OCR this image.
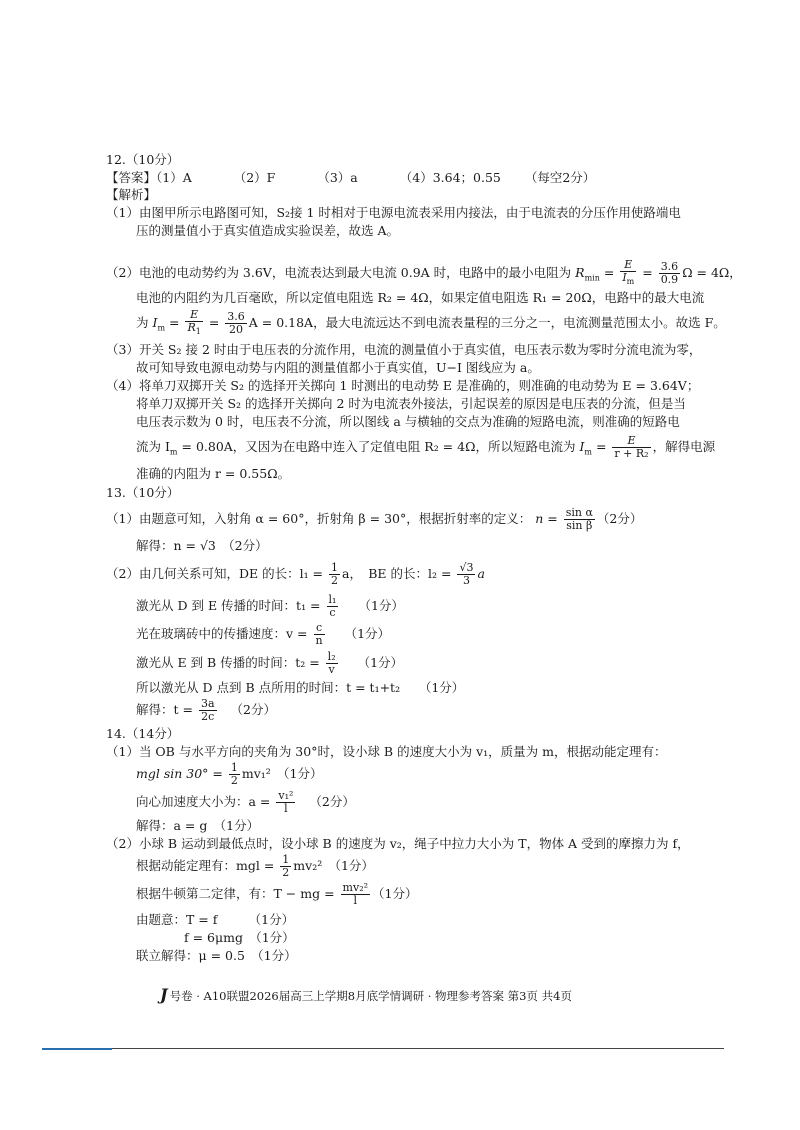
12.（10分）
【答案】（1）A	（2）F	（3）a	（4）3.64；0.55 （每空2分）
【解析】
（1）由图甲所示电路图可知，S₂接 1 时相对于电源电流表采用内接法，由于电流表的分压作用使路端电
压的测量值小于真实值造成实验误差，故选 A。
（2）电池的电动势约为 3.6V，电流表达到最大电流 0.9A 时，电路中的最小电阻为 $R_{min} = \frac{E}{I_m} = \frac{3.6}{0.9}$ Ω = 4Ω，
电池的内阻约为几百毫欧，所以定值电阻选 R₂ = 4Ω，如果定值电阻选 R₁ = 20Ω，电路中的最大电流
为 $I_m = \frac{E}{R_1} = \frac{3.6}{20}$ A = 0.18A，最大电流远达不到电流表量程的三分之一，电流测量范围太小。故选 F。
（3）开关 S₂ 接 2 时由于电压表的分流作用，电流的测量值小于真实值，电压表示数为零时分流电流为零，
故可知导致电源电动势与内阻的测量值都小于真实值，U−I 图线应为 a。
（4）将单刀双掷开关 S₂ 的选择开关掷向 1 时测出的电动势 E 是准确的，则准确的电动势为 E = 3.64V；
将单刀双掷开关 S₂ 的选择开关掷向 2 时为电流表外接法，引起误差的原因是电压表的分流，但是当
电压表示数为 0 时，电压表不分流，所以图线 a 与横轴的交点为准确的短路电流，则准确的短路电
流为 $I_m = 0.80A$，又因为在电路中连入了定值电阻 R₂ = 4Ω，所以短路电流为 $I_m = \frac{E}{\text{r + R₂}}$ ，解得电源
准确的内阻为 r = 0.55Ω。
13.（10分）
（1）由题意可知，入射角 α = 60°，折射角 β = 30°，根据折射率的定义： $n = \frac{\text{sin α}}{\text{sin β}} (2$分）
解得：n = √3　（2分）
（2）由几何关系可知，DE 的长：$l_1 = \frac{1}{2}$ a，　BE 的长：$l_2 = \frac{√3}{3}$ a
激光从 D 到 E 传播的时间：$t_1 = \frac{\text{l₁}}{c} (1$分）
光在玻璃砖中的传播速度：$v = \frac{c}{n} (1$分）
激光从 E 到 B 传播的时间：$t_2 = \frac{\text{l₂}}{v} (1$分）
所以激光从 D 点到 B 点所用的时间：t = t₁+t₂　　（1分）
解得：$t = \frac{3a}{2c} (2$分）
14.（14分）
（1）当 OB 与水平方向的夹角为 30°时，设小球 B 的速度大小为 v₁，质量为 m，根据动能定理有：
mgl $\sin 30^\circ = \frac{1}{2} mv_1^2$　（1分）
向心加速度大小为：$a = \frac{\text{v₁²}}{l} (2$分）
解得：a = g　（1分）
（2）小球 B 运动到最低点时，设小球 B 的速度为 v₂，绳子中拉力大小为 T，物体 A 受到的摩擦力为 f，
根据动能定理有：mgl = $\frac{1}{2} mv_2^2$　（1分）
根据牛顿第二定律，有：T − mg = $\frac{\text{mv₂²}}{l} (1$分）
由题意：T = f　　　（1分）
f = 6μmg　（1分）
联立解得：μ = 0.5　（1分）
J 号卷 · A10联盟2026届高三上学期8月底学情调研 · 物理参考答案 第3页 共4页
